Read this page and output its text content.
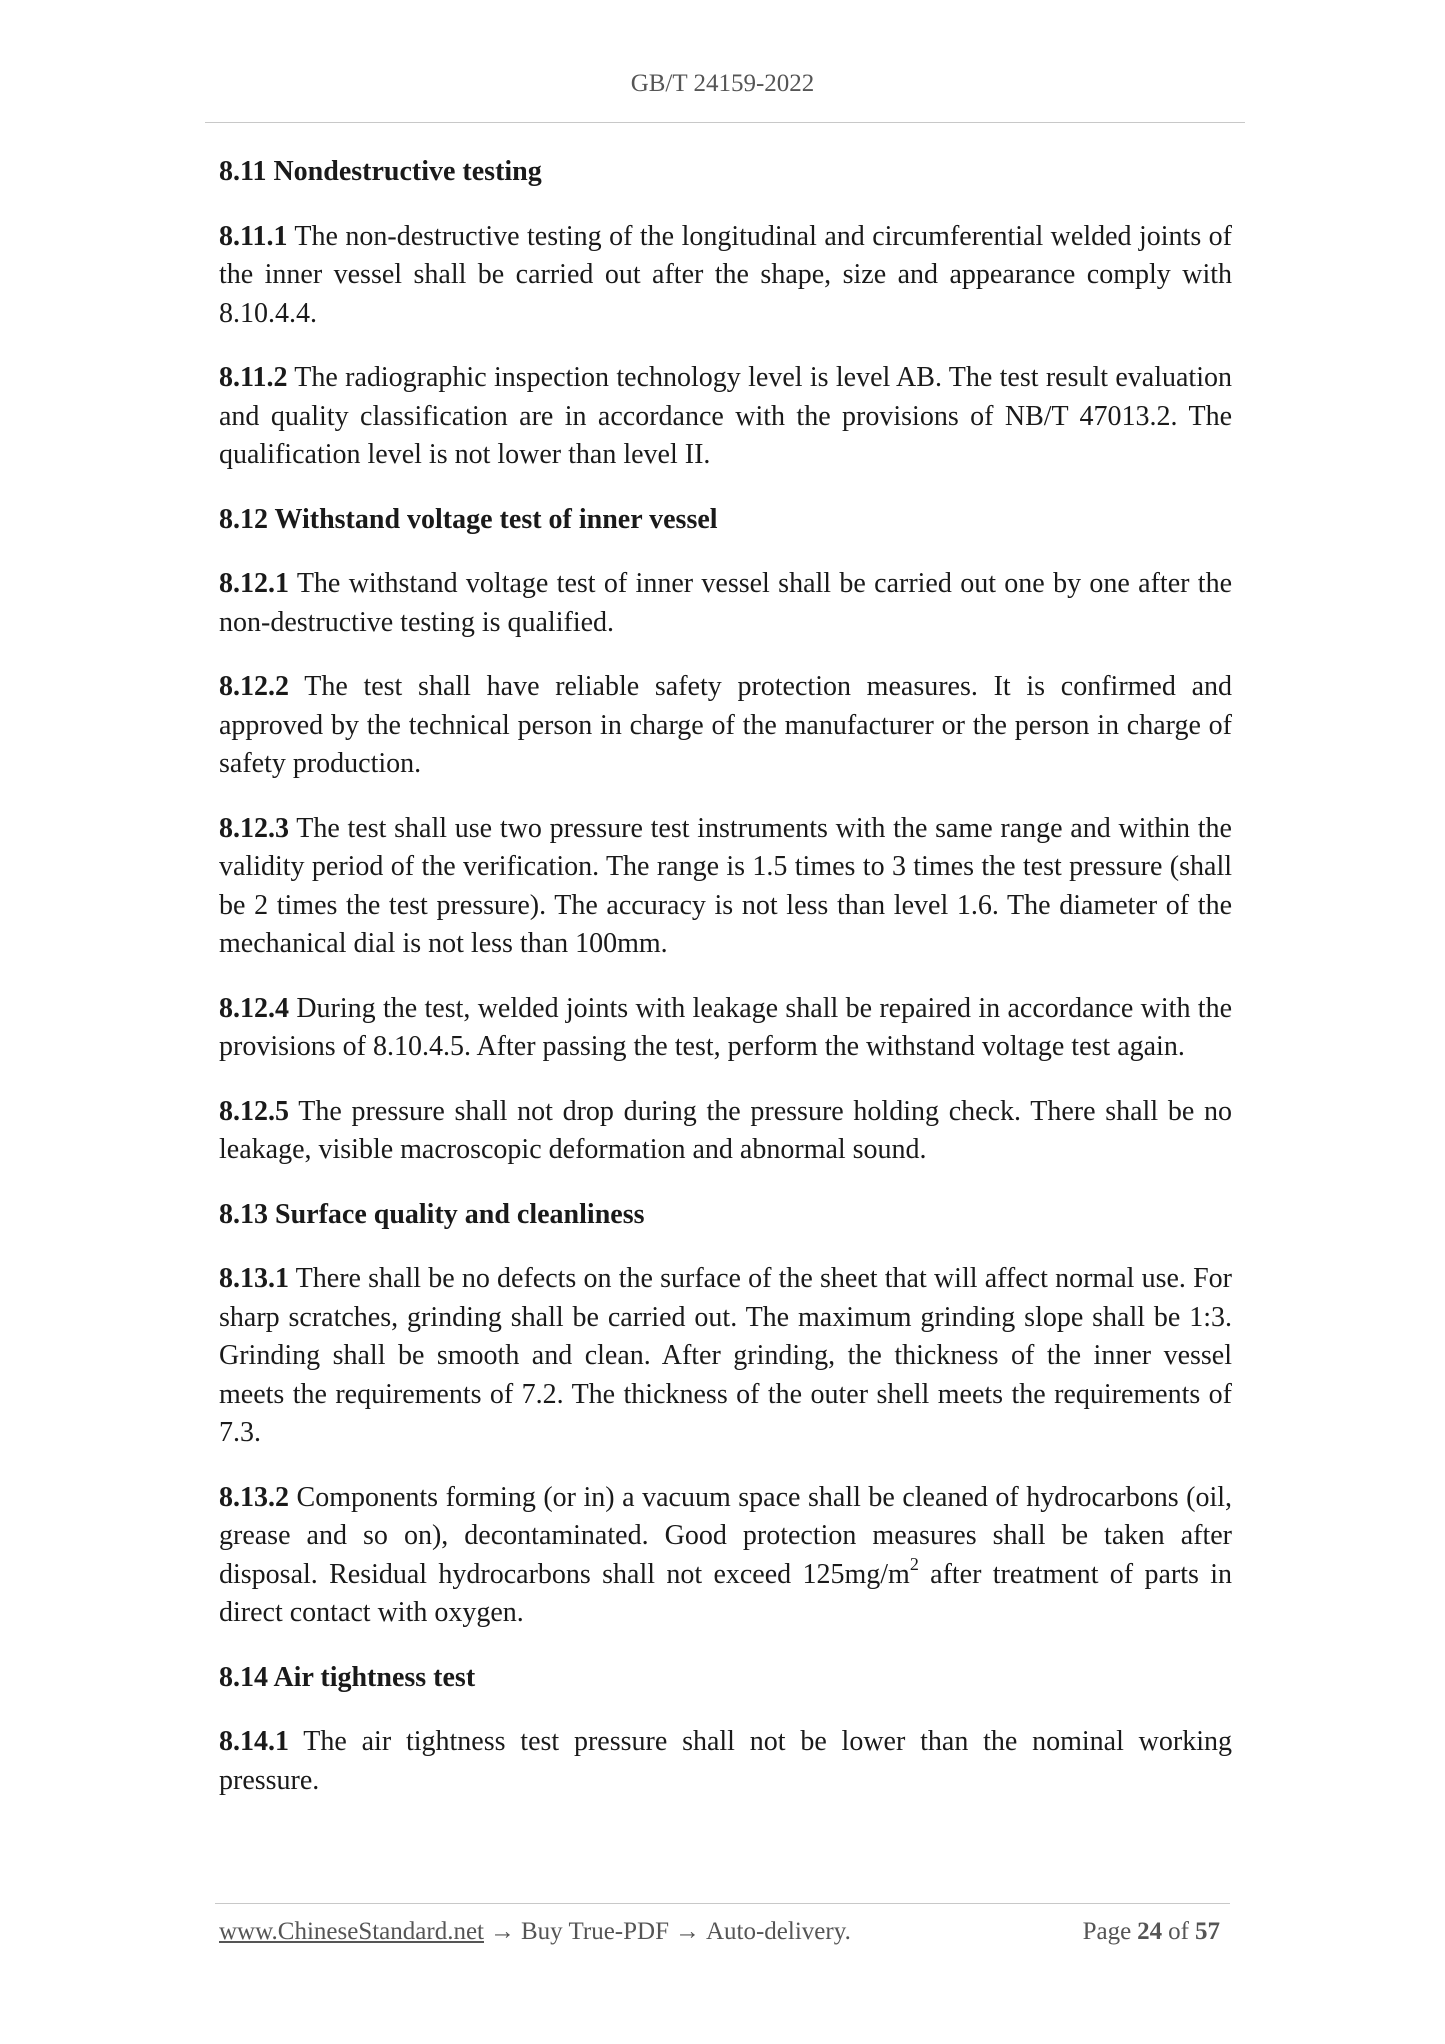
GB/T 24159-2022
8.11 Nondestructive testing
8.11.1 The non-destructive testing of the longitudinal and circumferential welded joints of the inner vessel shall be carried out after the shape, size and appearance comply with 8.10.4.4.
8.11.2 The radiographic inspection technology level is level AB. The test result evaluation and quality classification are in accordance with the provisions of NB/T 47013.2. The qualification level is not lower than level II.
8.12 Withstand voltage test of inner vessel
8.12.1 The withstand voltage test of inner vessel shall be carried out one by one after the non-destructive testing is qualified.
8.12.2 The test shall have reliable safety protection measures. It is confirmed and approved by the technical person in charge of the manufacturer or the person in charge of safety production.
8.12.3 The test shall use two pressure test instruments with the same range and within the validity period of the verification. The range is 1.5 times to 3 times the test pressure (shall be 2 times the test pressure). The accuracy is not less than level 1.6. The diameter of the mechanical dial is not less than 100mm.
8.12.4 During the test, welded joints with leakage shall be repaired in accordance with the provisions of 8.10.4.5. After passing the test, perform the withstand voltage test again.
8.12.5 The pressure shall not drop during the pressure holding check. There shall be no leakage, visible macroscopic deformation and abnormal sound.
8.13 Surface quality and cleanliness
8.13.1 There shall be no defects on the surface of the sheet that will affect normal use. For sharp scratches, grinding shall be carried out. The maximum grinding slope shall be 1:3. Grinding shall be smooth and clean. After grinding, the thickness of the inner vessel meets the requirements of 7.2. The thickness of the outer shell meets the requirements of 7.3.
8.13.2 Components forming (or in) a vacuum space shall be cleaned of hydrocarbons (oil, grease and so on), decontaminated. Good protection measures shall be taken after disposal. Residual hydrocarbons shall not exceed $125mg/m^2$ after treatment of parts in direct contact with oxygen.
8.14 Air tightness test
8.14.1 The air tightness test pressure shall not be lower than the nominal working pressure.
www.ChineseStandard.net → Buy True-PDF → Auto-delivery.	Page 24 of 57
